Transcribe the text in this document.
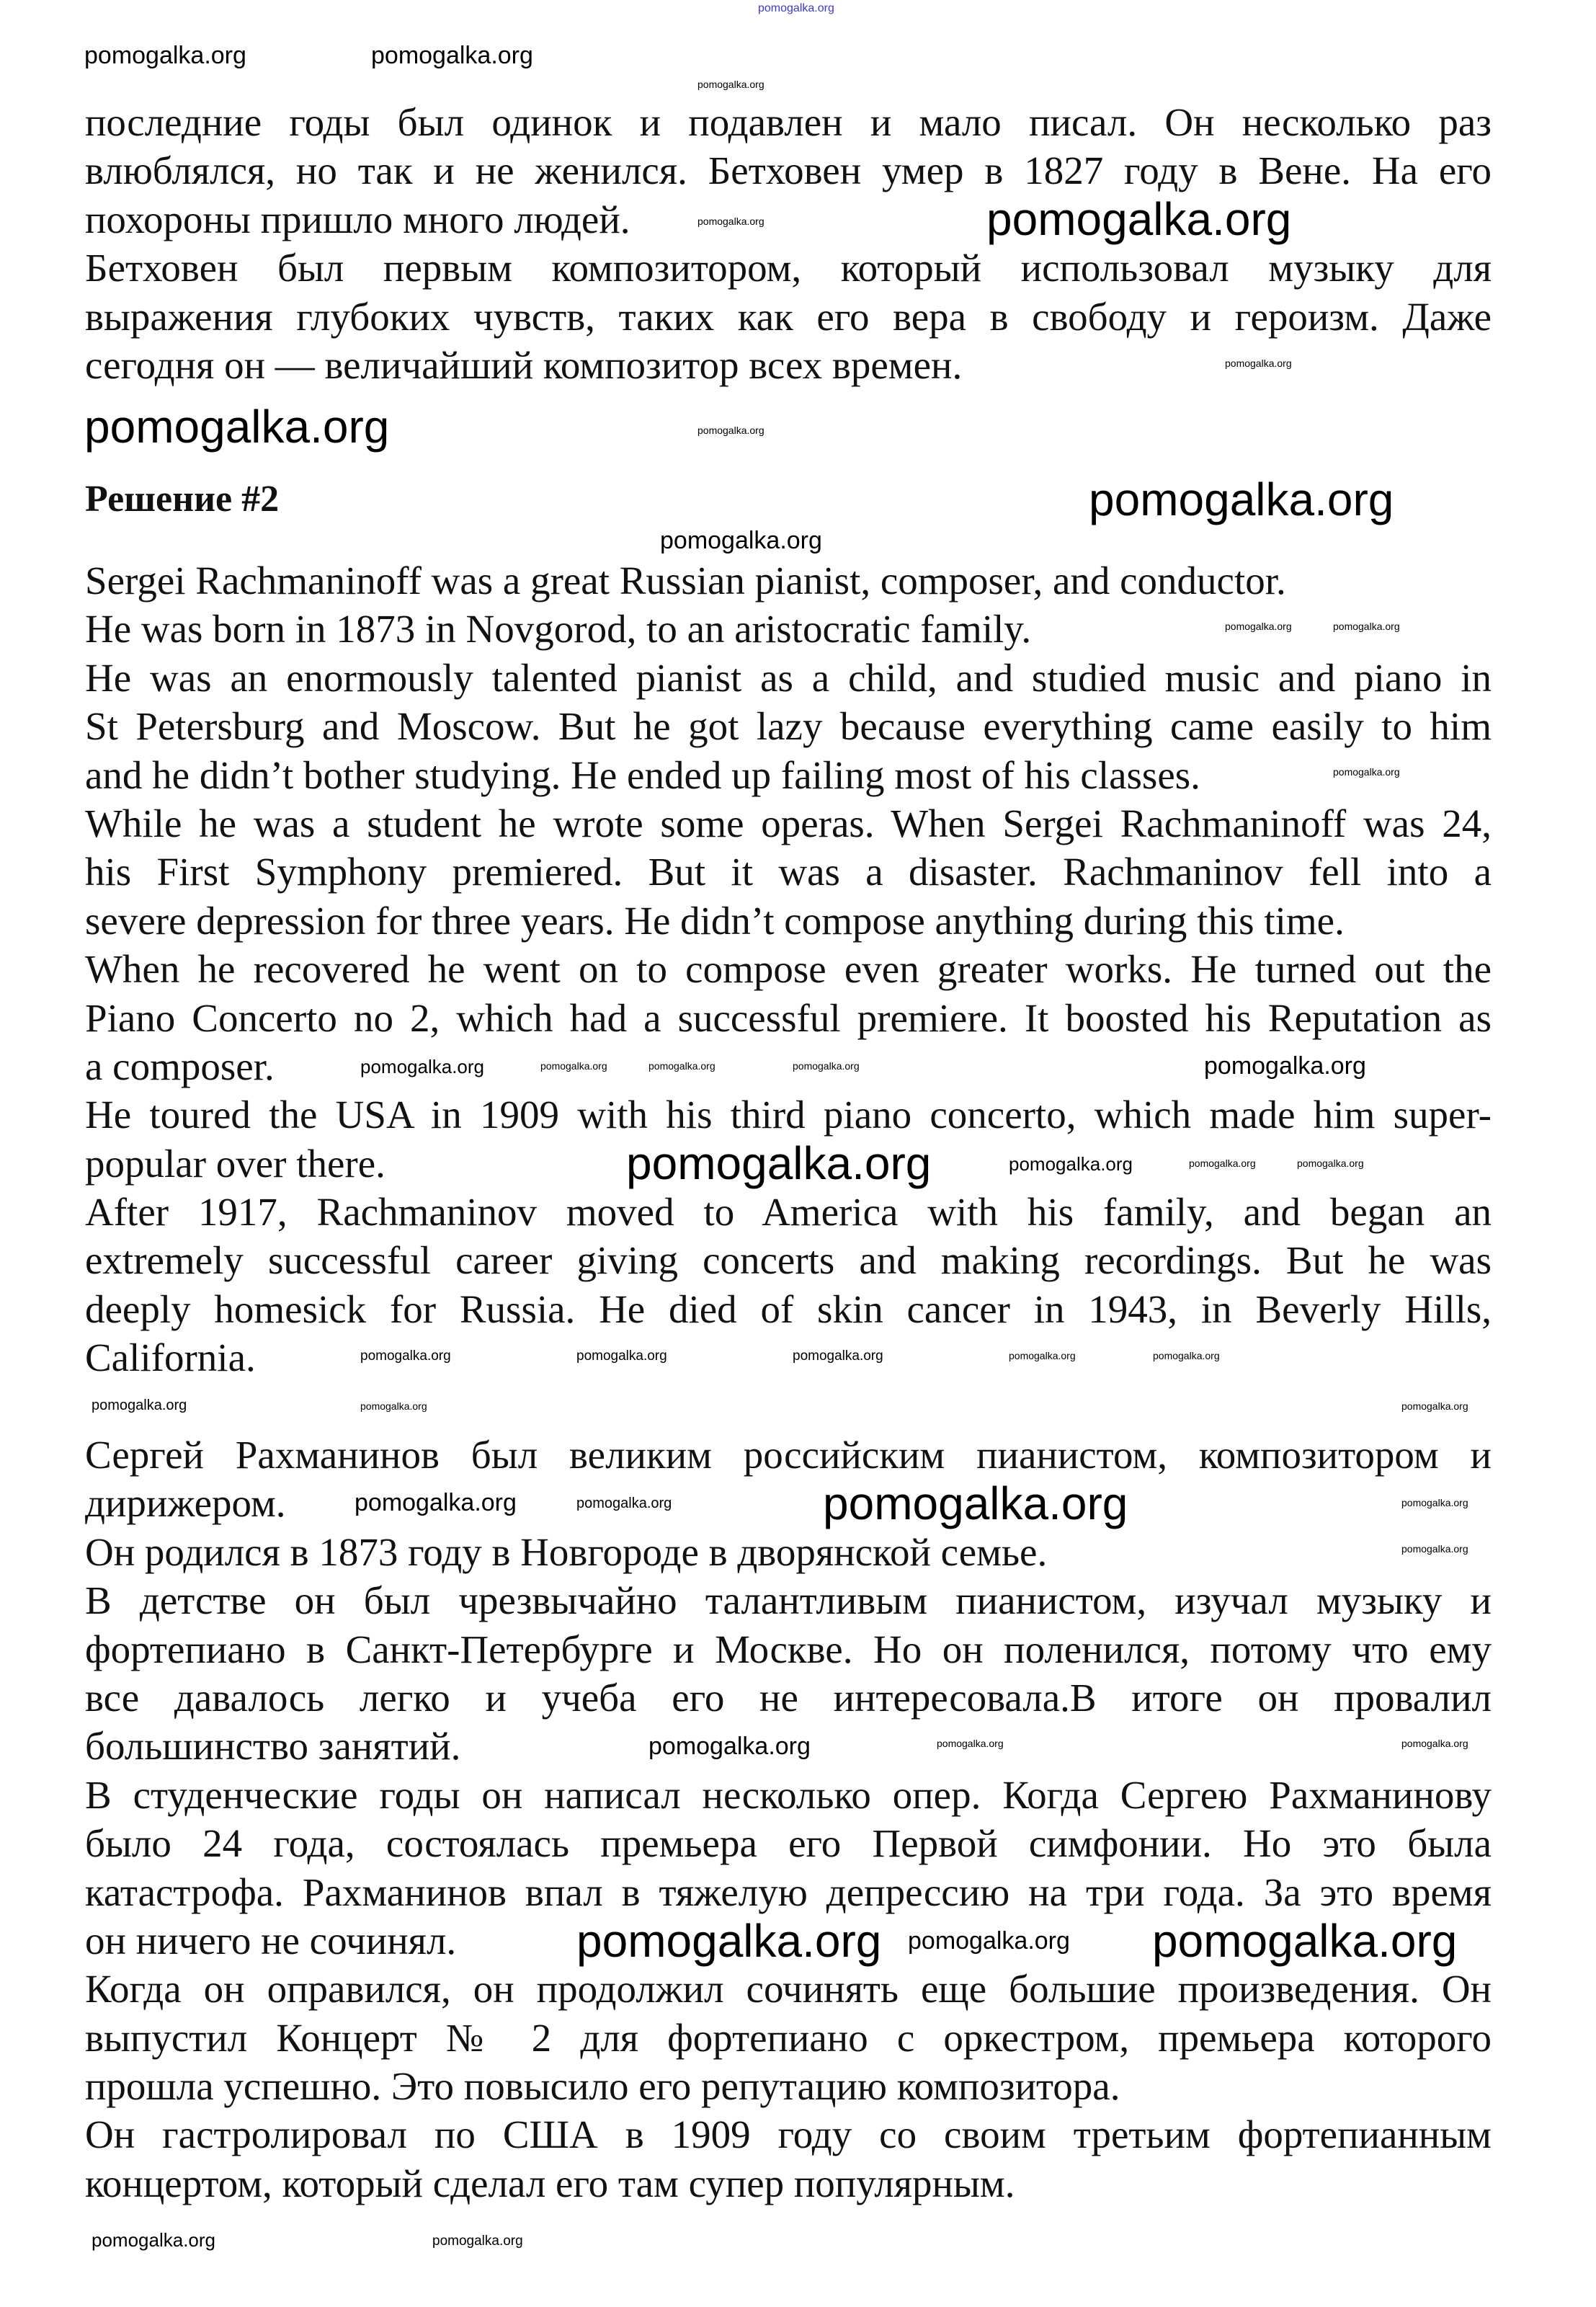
последние годы был одинок и подавлен и мало писал. Он несколько раз
влюблялся, но так и не женился. Бетховен умер в 1827 году в Вене. На его
похороны пришло много людей.
Бетховен был первым композитором, который использовал музыку для
выражения глубоких чувств, таких как его вера в свободу и героизм. Даже
сегодня он — величайший композитор всех времен.
Решение #2
Sergei Rachmaninoff was a great Russian pianist, composer, and conductor.
He was born in 1873 in Novgorod, to an aristocratic family.
He was an enormously talented pianist as a child, and studied music and piano in
St Petersburg and Moscow. But he got lazy because everything came easily to him
and he didn’t bother studying. He ended up failing most of his classes.
While he was a student he wrote some operas. When Sergei Rachmaninoff was 24,
his First Symphony premiered. But it was a disaster. Rachmaninov fell into a
severe depression for three years. He didn’t compose anything during this time.
When he recovered he went on to compose even greater works. He turned out the
Piano Concerto no 2, which had a successful premiere. It boosted his Reputation as
a composer.
He toured the USA in 1909 with his third piano concerto, which made him super-
popular over there.
After 1917, Rachmaninov moved to America with his family, and began an
extremely successful career giving concerts and making recordings. But he was
deeply homesick for Russia. He died of skin cancer in 1943, in Beverly Hills,
California.
Сергей Рахманинов был великим российским пианистом, композитором и
дирижером.
Он родился в 1873 году в Новгороде в дворянской семье.
В детстве он был чрезвычайно талантливым пианистом, изучал музыку и
фортепиано в Санкт-Петербурге и Москве. Но он поленился, потому что ему
все давалось легко и учеба его не интересовала.В итоге он провалил
большинство занятий.
В студенческие годы он написал несколько опер. Когда Сергею Рахманинову
было 24 года, состоялась премьера его Первой симфонии. Но это была
катастрофа. Рахманинов впал в тяжелую депрессию на три года. За это время
он ничего не сочинял.
Когда он оправился, он продолжил сочинять еще большие произведения. Он
выпустил Концерт № 2 для фортепиано с оркестром, премьера которого
прошла успешно. Это повысило его репутацию композитора.
Он гастролировал по США в 1909 году со своим третьим фортепианным
концертом, который сделал его там супер популярным.
pomogalka.org
pomogalka.org
pomogalka.org
pomogalka.org
pomogalka.org
pomogalka.org
pomogalka.org	pomogalka.org
pomogalka.org	pomogalka.org
pomogalka.org
pomogalka.org
pomogalka.org
pomogalka.org
pomogalka.org
pomogalka.org
pomogalka.org
pomogalka.org
pomogalka.org
pomogalka.org
pomogalka.org	pomogalka.org	pomogalka.org
pomogalka.org
pomogalka.org
pomogalka.org
pomogalka.org
pomogalka.org
pomogalka.org	pomogalka.org
pomogalka.org
pomogalka.org	pomogalka.org	pomogalka.org
pomogalka.org	pomogalka.org
pomogalka.org	pomogalka.org
pomogalka.org	pomogalka.org
pomogalka.org
pomogalka.org
pomogalka.org
pomogalka.org
